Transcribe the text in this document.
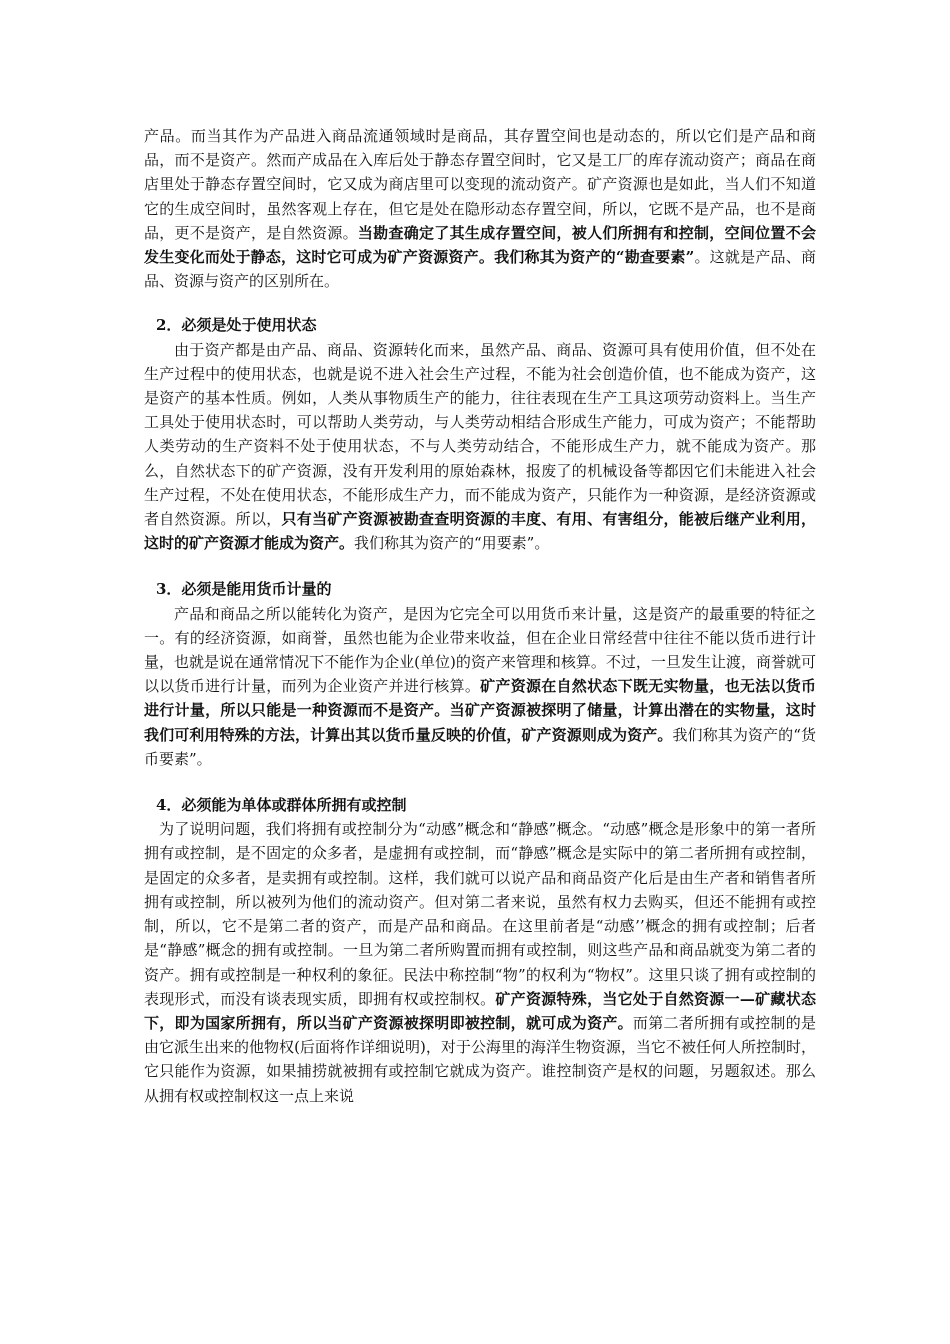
产品。而当其作为产品进入商品流通领域时是商品，其存置空间也是动态的，所以它们是产品和商品，而不是资产。然而产成品在入库后处于静态存置空间时，它又是工厂的库存流动资产；商品在商店里处于静态存置空间时，它又成为商店里可以变现的流动资产。矿产资源也是如此，当人们不知道它的生成空间时，虽然客观上存在，但它是处在隐形动态存置空间，所以，它既不是产品，也不是商品，更不是资产，是自然资源。当勘查确定了其生成存置空间，被人们所拥有和控制，空间位置不会发生变化而处于静态，这时它可成为矿产资源资产。我们称其为资产的“勘查要素”。这就是产品、商品、资源与资产的区别所在。

2．必须是处于使用状态

由于资产都是由产品、商品、资源转化而来，虽然产品、商品、资源可具有使用价值，但不处在生产过程中的使用状态，也就是说不进入社会生产过程，不能为社会创造价值，也不能成为资产，这是资产的基本性质。例如，人类从事物质生产的能力，往往表现在生产工具这项劳动资料上。当生产工具处于使用状态时，可以帮助人类劳动，与人类劳动相结合形成生产能力，可成为资产；不能帮助人类劳动的生产资料不处于使用状态，不与人类劳动结合，不能形成生产力，就不能成为资产。那么，自然状态下的矿产资源，没有开发利用的原始森林，报废了的机械设备等都因它们未能进入社会生产过程，不处在使用状态，不能形成生产力，而不能成为资产，只能作为一种资源，是经济资源或者自然资源。所以，只有当矿产资源被勘查查明资源的丰度、有用、有害组分，能被后继产业利用，这时的矿产资源才能成为资产。我们称其为资产的“用要素”。

3．必须是能用货币计量的

产品和商品之所以能转化为资产，是因为它完全可以用货币来计量，这是资产的最重要的特征之一。有的经济资源，如商誉，虽然也能为企业带来收益，但在企业日常经营中往往不能以货币进行计量，也就是说在通常情况下不能作为企业(单位)的资产来管理和核算。不过，一旦发生让渡，商誉就可以以货币进行计量，而列为企业资产并进行核算。矿产资源在自然状态下既无实物量，也无法以货币进行计量，所以只能是一种资源而不是资产。当矿产资源被探明了储量，计算出潜在的实物量，这时我们可利用特殊的方法，计算出其以货币量反映的价值，矿产资源则成为资产。我们称其为资产的“货币要素”。

4．必须能为单体或群体所拥有或控制

为了说明问题，我们将拥有或控制分为“动感”概念和“静感”概念。“动感”概念是形象中的第一者所拥有或控制，是不固定的众多者，是虚拥有或控制，而“静感”概念是实际中的第二者所拥有或控制，是固定的众多者，是卖拥有或控制。这样，我们就可以说产品和商品资产化后是由生产者和销售者所拥有或控制，所以被列为他们的流动资产。但对第二者来说，虽然有权力去购买，但还不能拥有或控制，所以，它不是第二者的资产，而是产品和商品。在这里前者是“动感’’概念的拥有或控制；后者是“静感”概念的拥有或控制。一旦为第二者所购置而拥有或控制，则这些产品和商品就变为第二者的资产。拥有或控制是一种权利的象征。民法中称控制“物”的权利为“物权”。这里只谈了拥有或控制的表现形式，而没有谈表现实质，即拥有权或控制权。矿产资源特殊，当它处于自然资源一—矿藏状态下，即为国家所拥有，所以当矿产资源被探明即被控制，就可成为资产。而第二者所拥有或控制的是由它派生出来的他物权(后面将作详细说明)，对于公海里的海洋生物资源，当它不被任何人所控制时，它只能作为资源，如果捕捞就被拥有或控制它就成为资产。谁控制资产是权的问题，另题叙述。那么从拥有权或控制权这一点上来说
